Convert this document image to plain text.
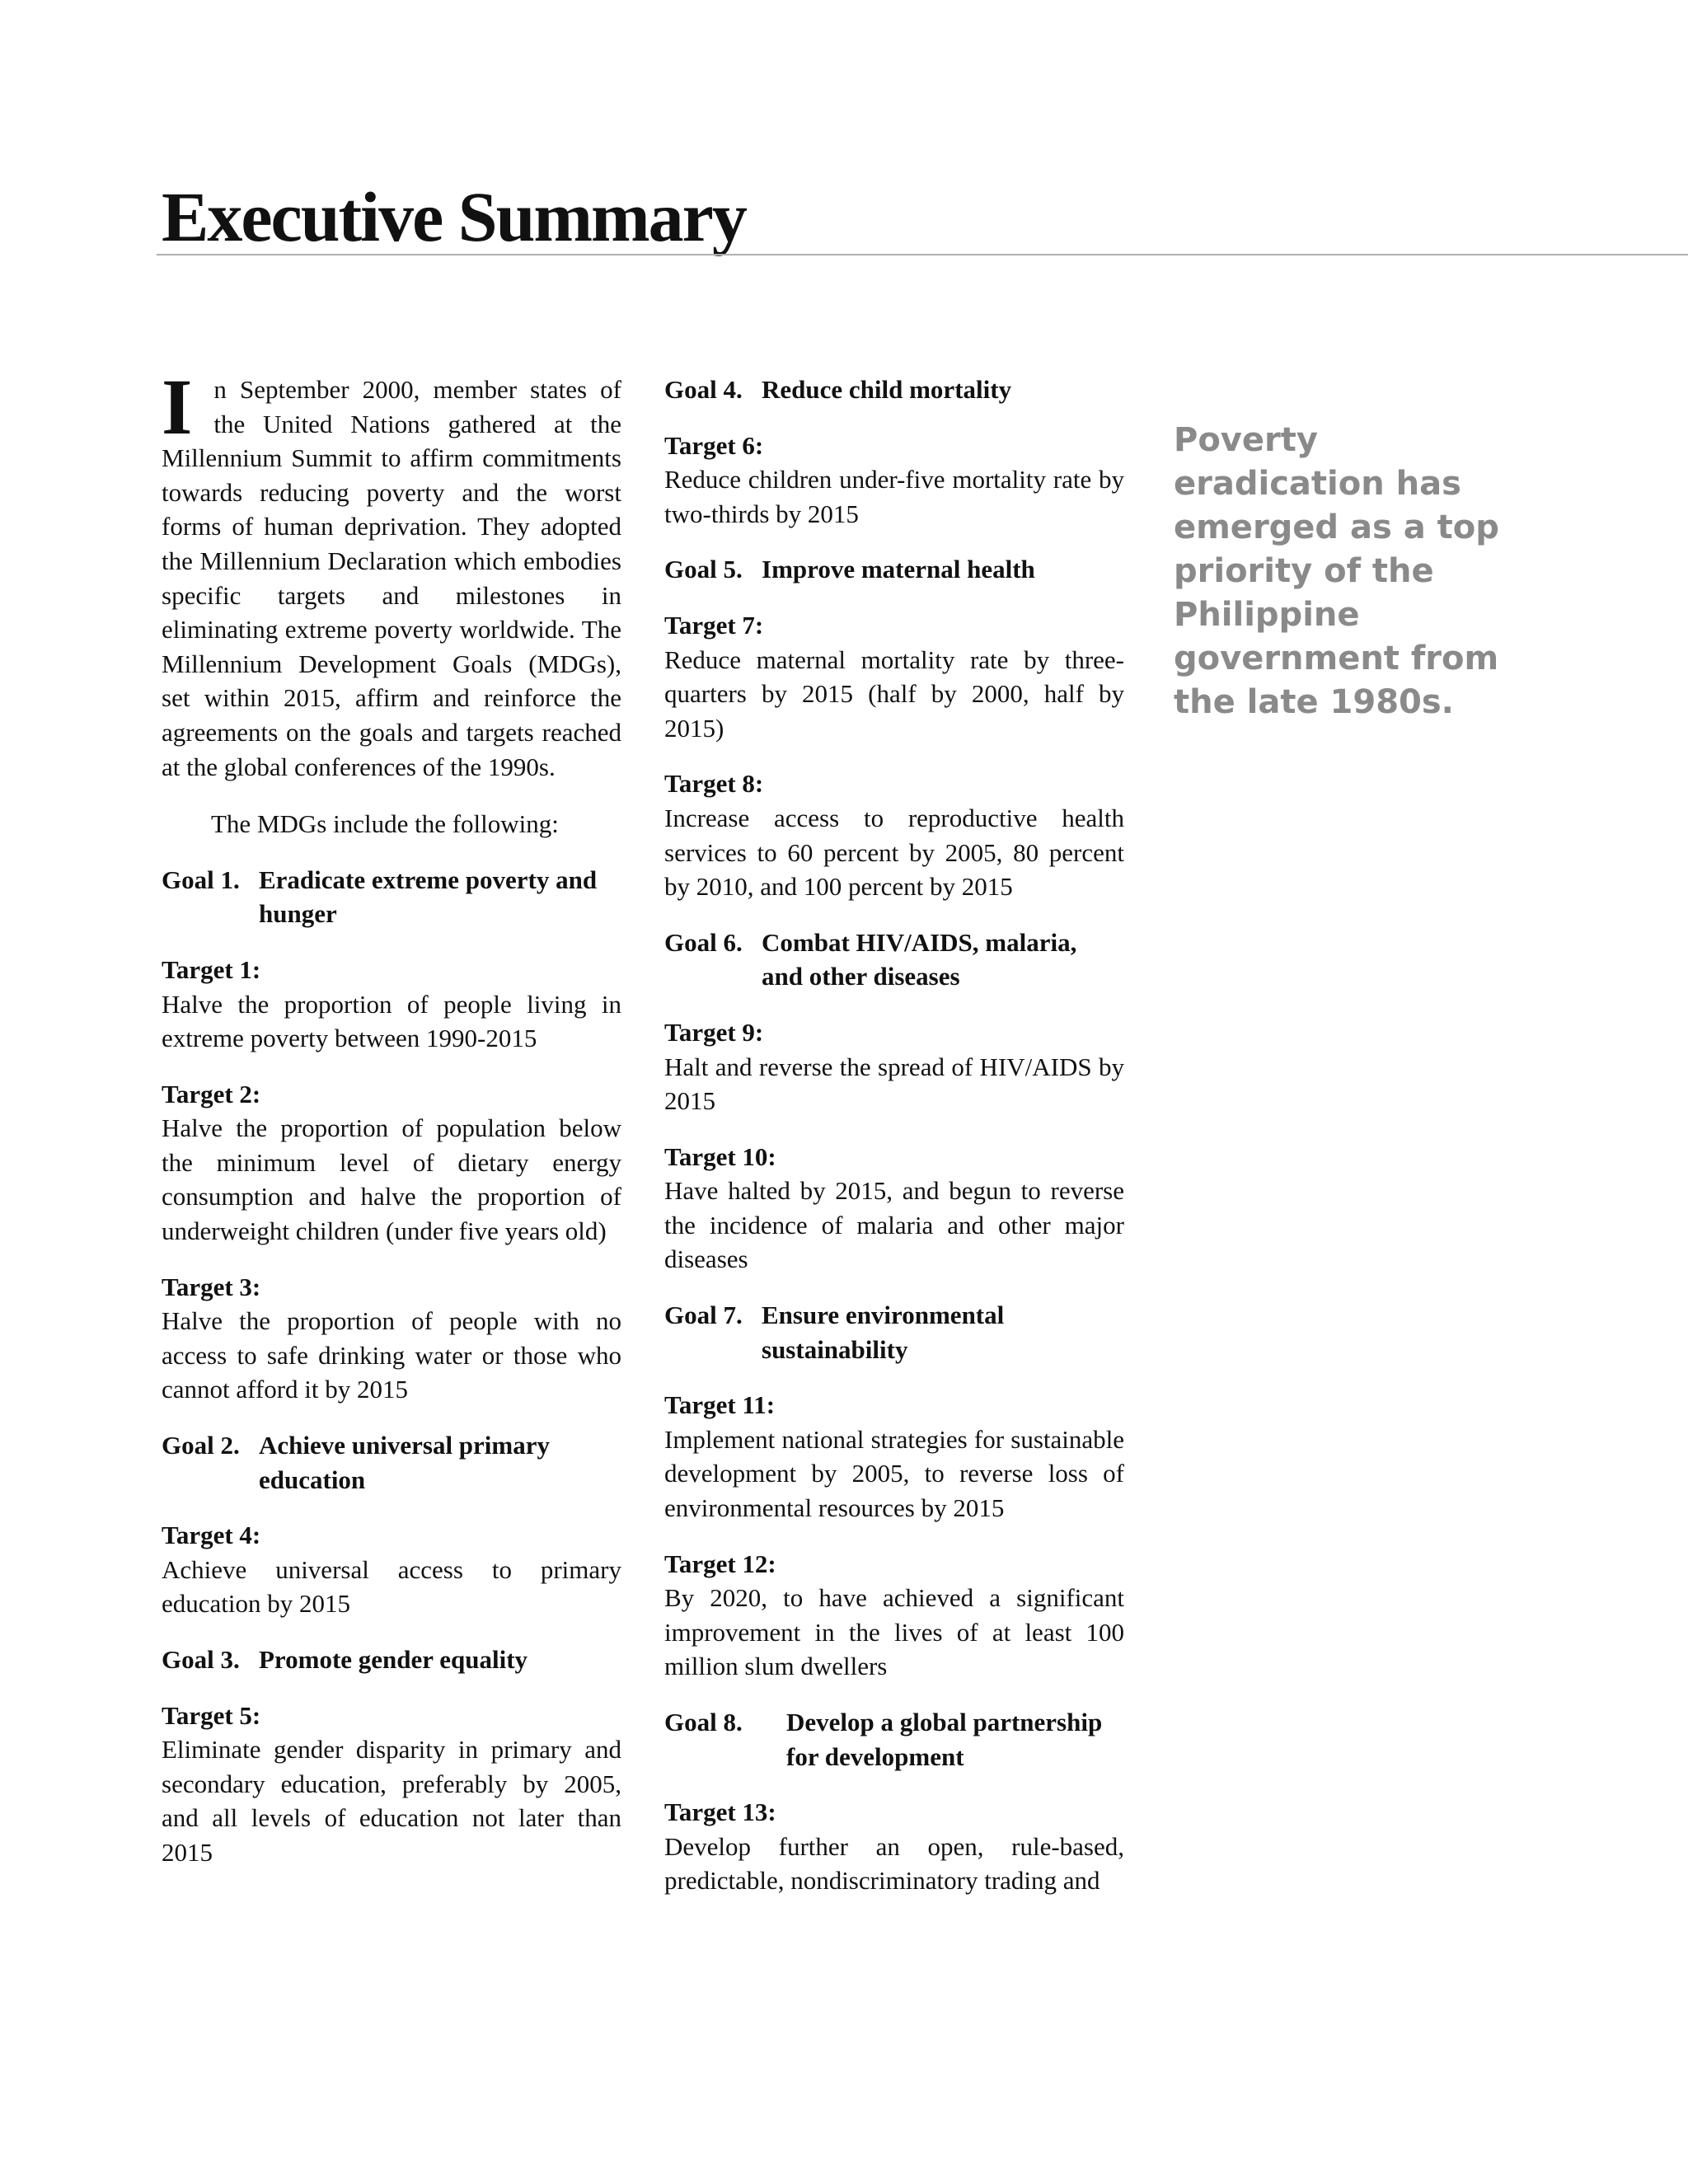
Executive Summary

In September 2000, member states of the United Nations gathered at the Millennium Summit to affirm commitments towards reducing poverty and the worst forms of human deprivation. They adopted the Millennium Declaration which embodies specific targets and milestones in eliminating extreme poverty worldwide. The Millennium Development Goals (MDGs), set within 2015, affirm and reinforce the agreements on the goals and targets reached at the global conferences of the 1990s.

The MDGs include the following:

Goal 1. Eradicate extreme poverty and hunger

Target 1:

Halve the proportion of people living in extreme poverty between 1990-2015

Target 2:

Halve the proportion of population below the minimum level of dietary energy consumption and halve the proportion of underweight children (under five years old)

Target 3:

Halve the proportion of people with no access to safe drinking water or those who cannot afford it by 2015

Goal 2. Achieve universal primary education

Target 4:

Achieve universal access to primary education by 2015

Goal 3. Promote gender equality

Target 5:

Eliminate gender disparity in primary and secondary education, preferably by 2005, and all levels of education not later than 2015

Goal 4. Reduce child mortality

Target 6:

Reduce children under-five mortality rate by two-thirds by 2015

Goal 5. Improve maternal health

Target 7:

Reduce maternal mortality rate by three-quarters by 2015 (half by 2000, half by 2015)

Target 8:

Increase access to reproductive health services to 60 percent by 2005, 80 percent by 2010, and 100 percent by 2015

Goal 6. Combat HIV/AIDS, malaria, and other diseases

Target 9:

Halt and reverse the spread of HIV/AIDS by 2015

Target 10:

Have halted by 2015, and begun to reverse the incidence of malaria and other major diseases

Goal 7. Ensure environmental sustainability

Target 11:

Implement national strategies for sustainable development by 2005, to reverse loss of environmental resources by 2015

Target 12:

By 2020, to have achieved a significant improvement in the lives of at least 100 million slum dwellers

Goal 8.	Develop a global partnership for development

Target 13:

Develop further an open, rule-based, predictable, nondiscriminatory trading and

Poverty eradication has emerged as a top priority of the Philippine government from the late 1980s.
